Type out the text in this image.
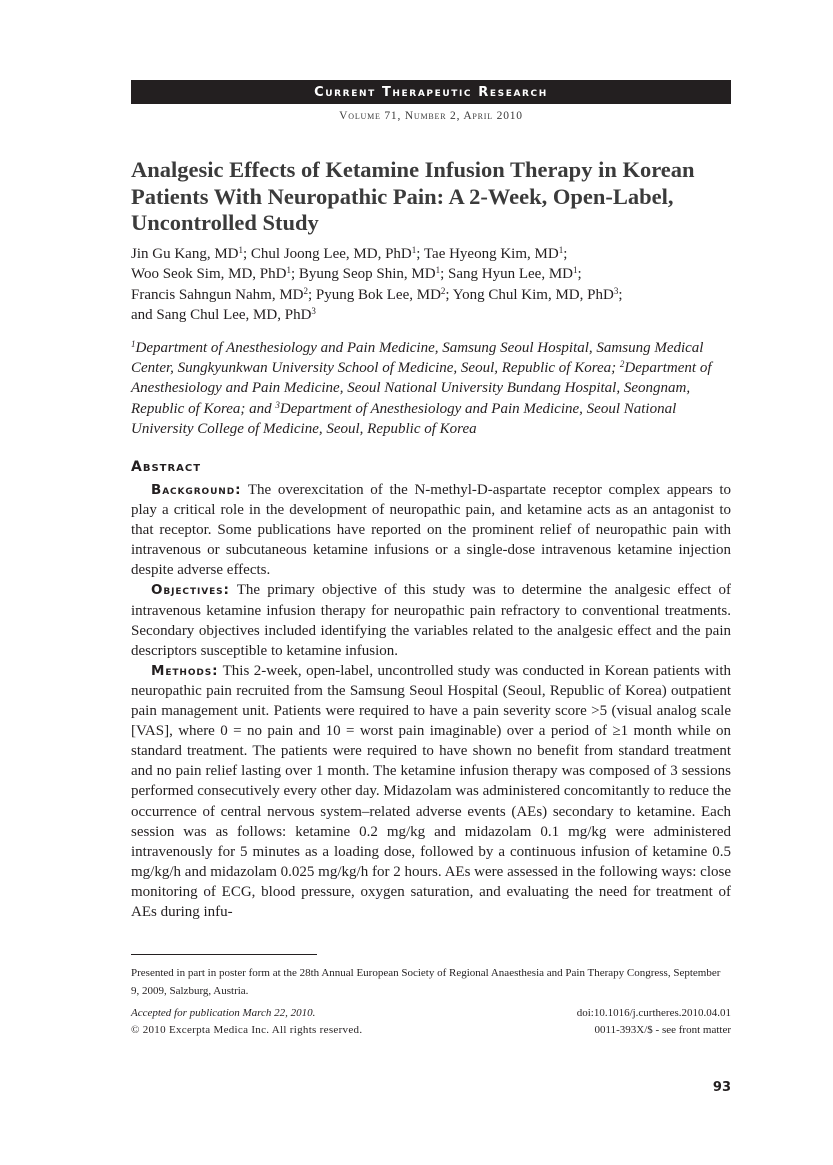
Current Therapeutic Research
Volume 71, Number 2, April 2010
Analgesic Effects of Ketamine Infusion Therapy in Korean Patients With Neuropathic Pain: A 2-Week, Open-Label, Uncontrolled Study
Jin Gu Kang, $MD^1$; Chul Joong Lee, MD, PhD$^1$; Tae Hyeong Kim, $MD^1$;
Woo Seok Sim, MD, PhD$^1$; Byung Seop Shin, $MD^1$; Sang Hyun Lee, $MD^1$;
Francis Sahngun Nahm, $MD^2$; Pyung Bok Lee, $MD^2$; Yong Chul Kim, MD, PhD$^3$;
and Sang Chul Lee, MD, PhD$^3$
$^1$Department of Anesthesiology and Pain Medicine, Samsung Seoul Hospital, Samsung Medical Center, Sungkyunkwan University School of Medicine, Seoul, Republic of Korea; $^2$Department of Anesthesiology and Pain Medicine, Seoul National University Bundang Hospital, Seongnam, Republic of Korea; and $^3$Department of Anesthesiology and Pain Medicine, Seoul National University College of Medicine, Seoul, Republic of Korea
Abstract

Background: The overexcitation of the N-methyl-D-aspartate receptor complex appears to play a critical role in the development of neuropathic pain, and ketamine acts as an antagonist to that receptor. Some publications have reported on the prominent relief of neuropathic pain with intravenous or subcutaneous ketamine infusions or a single-dose intravenous ketamine injection despite adverse effects.

Objectives: The primary objective of this study was to determine the analgesic effect of intravenous ketamine infusion therapy for neuropathic pain refractory to conventional treatments. Secondary objectives included identifying the variables related to the analgesic effect and the pain descriptors susceptible to ketamine infusion.

Methods: This 2-week, open-label, uncontrolled study was conducted in Korean patients with neuropathic pain recruited from the Samsung Seoul Hospital (Seoul, Republic of Korea) outpatient pain management unit. Patients were required to have a pain severity score >5 (visual analog scale [VAS], where 0 = no pain and 10 = worst pain imaginable) over a period of ≥1 month while on standard treatment. The patients were required to have shown no benefit from standard treatment and no pain relief lasting over 1 month. The ketamine infusion therapy was composed of 3 sessions performed consecutively every other day. Midazolam was administered concomitantly to reduce the occurrence of central nervous system–related adverse events (AEs) secondary to ketamine. Each session was as follows: ketamine 0.2 mg/kg and midazolam 0.1 mg/kg were administered intravenously for 5 minutes as a loading dose, followed by a continuous infusion of ketamine 0.5 mg/kg/h and midazolam 0.025 mg/kg/h for 2 hours. AEs were assessed in the following ways: close monitoring of ECG, blood pressure, oxygen saturation, and evaluating the need for treatment of AEs during infu-

Presented in part in poster form at the 28th Annual European Society of Regional Anaesthesia and Pain Therapy Congress, September 9, 2009, Salzburg, Austria.
Accepted for publication March 22, 2010.
© 2010 Excerpta Medica Inc. All rights reserved.
doi:10.1016/j.curtheres.2010.04.01
0011-393X/$ - see front matter
93
